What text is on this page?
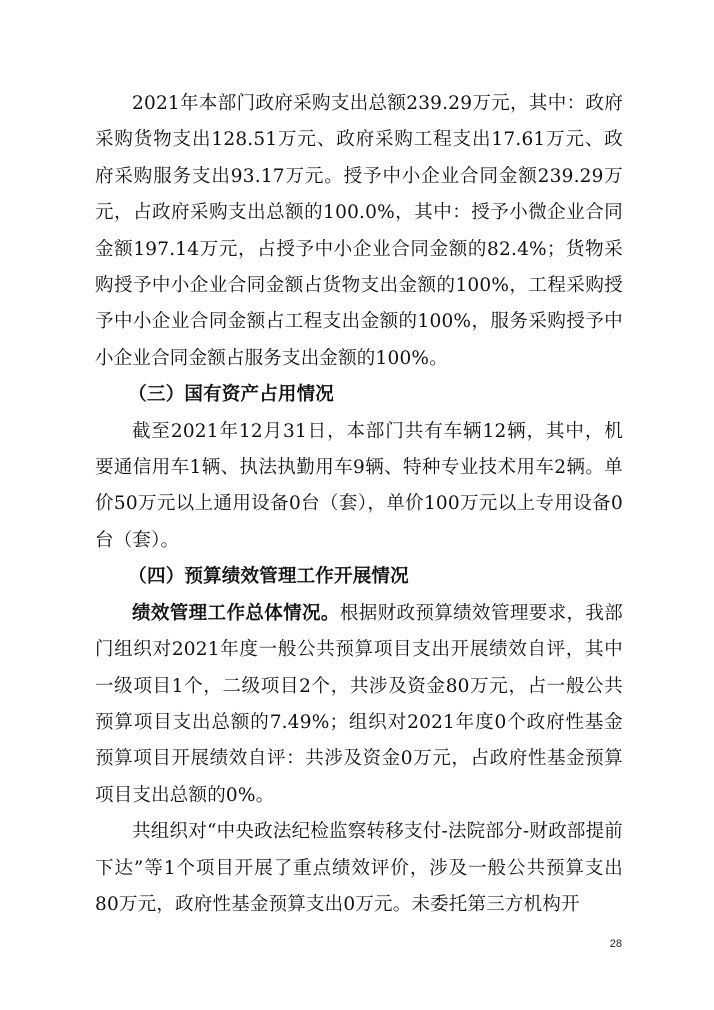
2021年本部门政府采购支出总额239.29万元，其中：政府采购货物支出128.51万元、政府采购工程支出17.61万元、政府采购服务支出93.17万元。授予中小企业合同金额239.29万元，占政府采购支出总额的100.0%，其中：授予小微企业合同金额197.14万元，占授予中小企业合同金额的82.4%；货物采购授予中小企业合同金额占货物支出金额的100%，工程采购授予中小企业合同金额占工程支出金额的100%，服务采购授予中小企业合同金额占服务支出金额的100%。

（三）国有资产占用情况

截至2021年12月31日，本部门共有车辆12辆，其中，机要通信用车1辆、执法执勤用车9辆、特种专业技术用车2辆。单价50万元以上通用设备0台（套），单价100万元以上专用设备0台（套）。

（四）预算绩效管理工作开展情况

绩效管理工作总体情况。根据财政预算绩效管理要求，我部门组织对2021年度一般公共预算项目支出开展绩效自评，其中一级项目1个，二级项目2个，共涉及资金80万元，占一般公共预算项目支出总额的7.49%；组织对2021年度0个政府性基金预算项目开展绩效自评：共涉及资金0万元，占政府性基金预算项目支出总额的0%。

共组织对“中央政法纪检监察转移支付-法院部分-财政部提前下达”等1个项目开展了重点绩效评价，涉及一般公共预算支出80万元，政府性基金预算支出0万元。未委托第三方机构开

28
